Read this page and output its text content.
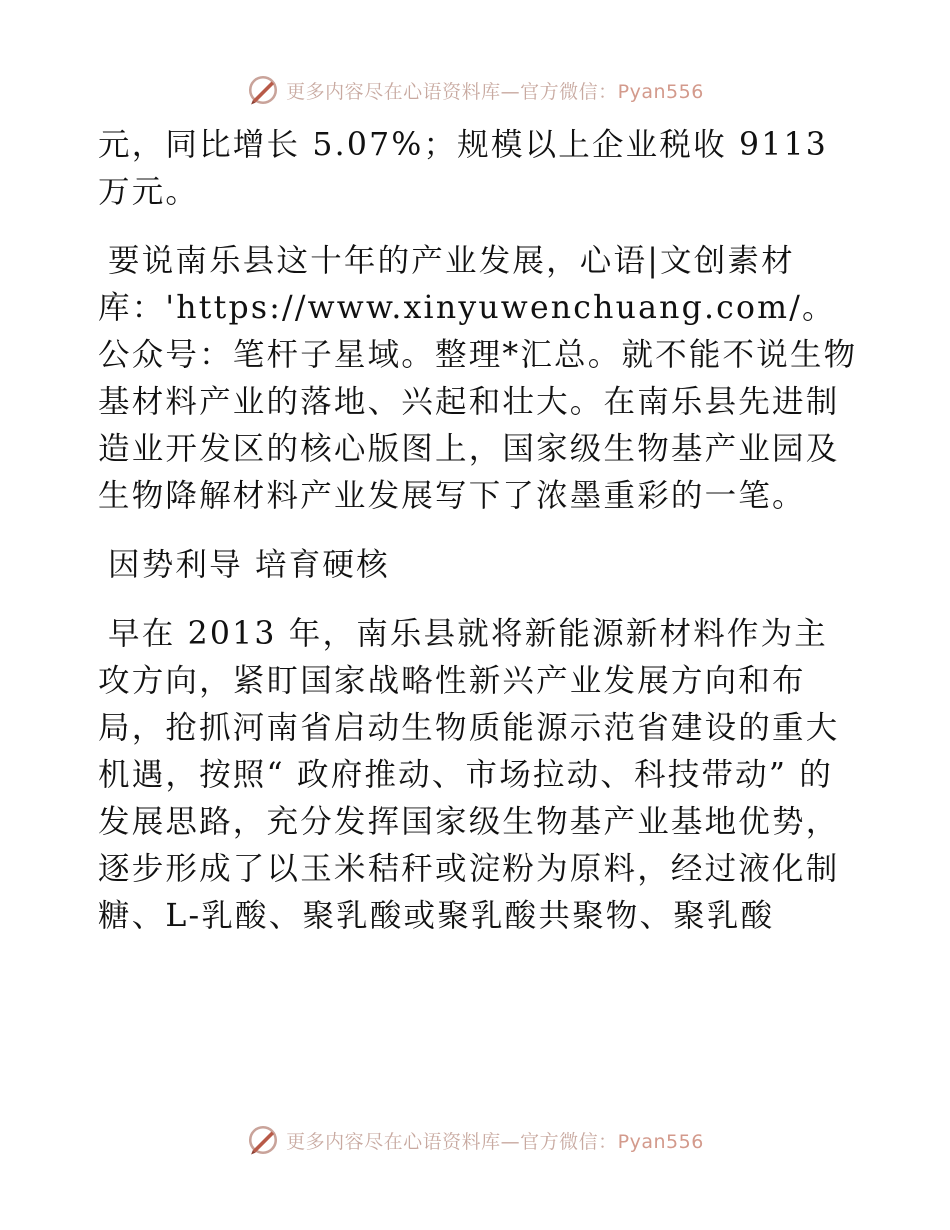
更多内容尽在心语资料库—官方微信：Pyan556

元，同比增长 5.07%；规模以上企业税收 9113万元。

要说南乐县这十年的产业发展，心语|文创素材库：'https://www.xinyuwenchuang.com/。公众号：笔杆子星域。整理*汇总。就不能不说生物基材料产业的落地、兴起和壮大。在南乐县先进制造业开发区的核心版图上，国家级生物基产业园及生物降解材料产业发展写下了浓墨重彩的一笔。

因势利导 培育硬核

早在 2013 年，南乐县就将新能源新材料作为主攻方向，紧盯国家战略性新兴产业发展方向和布局，抢抓河南省启动生物质能源示范省建设的重大机遇，按照“ 政府推动、市场拉动、科技带动” 的发展思路，充分发挥国家级生物基产业基地优势，逐步形成了以玉米秸秆或淀粉为原料，经过液化制糖、L-乳酸、聚乳酸或聚乳酸共聚物、聚乳酸

更多内容尽在心语资料库—官方微信：Pyan556
